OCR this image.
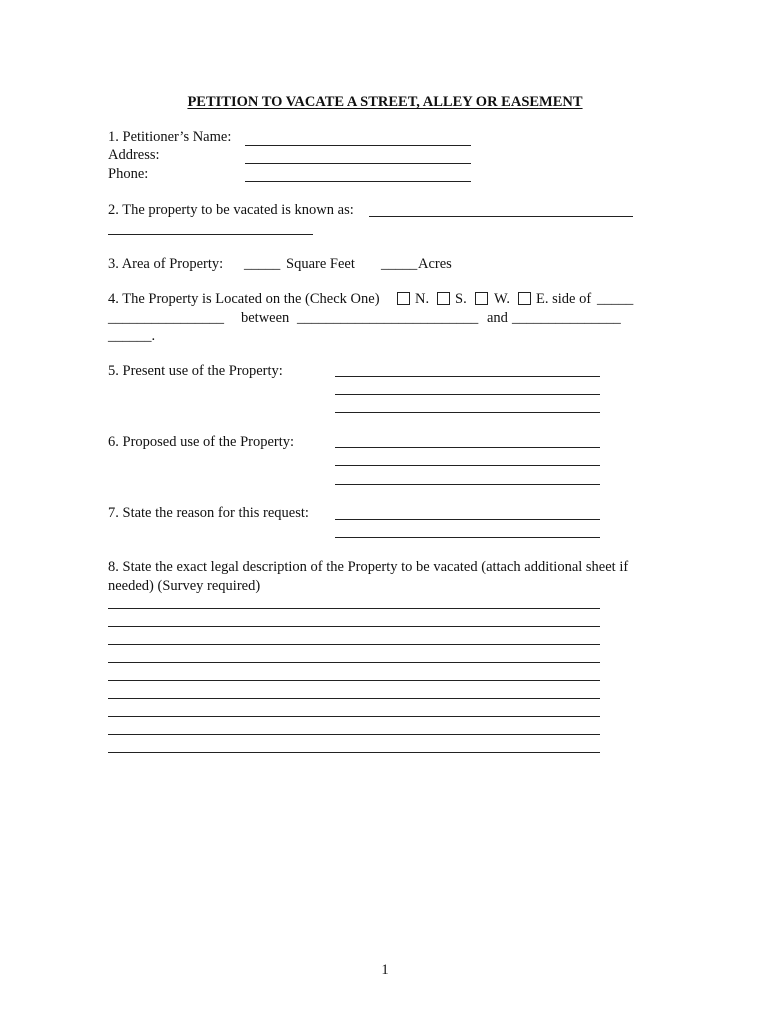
PETITION TO VACATE A STREET, ALLEY OR EASEMENT
1. Petitioner’s Name:
Address:
Phone:
2. The property to be vacated is known as:
3. Area of Property: _____ Square Feet _____ Acres
4. The Property is Located on the (Check One) N. S. W. E. side of _____
________________ between _________________________ and _______________
______.
5. Present use of the Property:
6. Proposed use of the Property:
7. State the reason for this request:
8. State the exact legal description of the Property to be vacated (attach additional sheet if needed) (Survey required)
1
